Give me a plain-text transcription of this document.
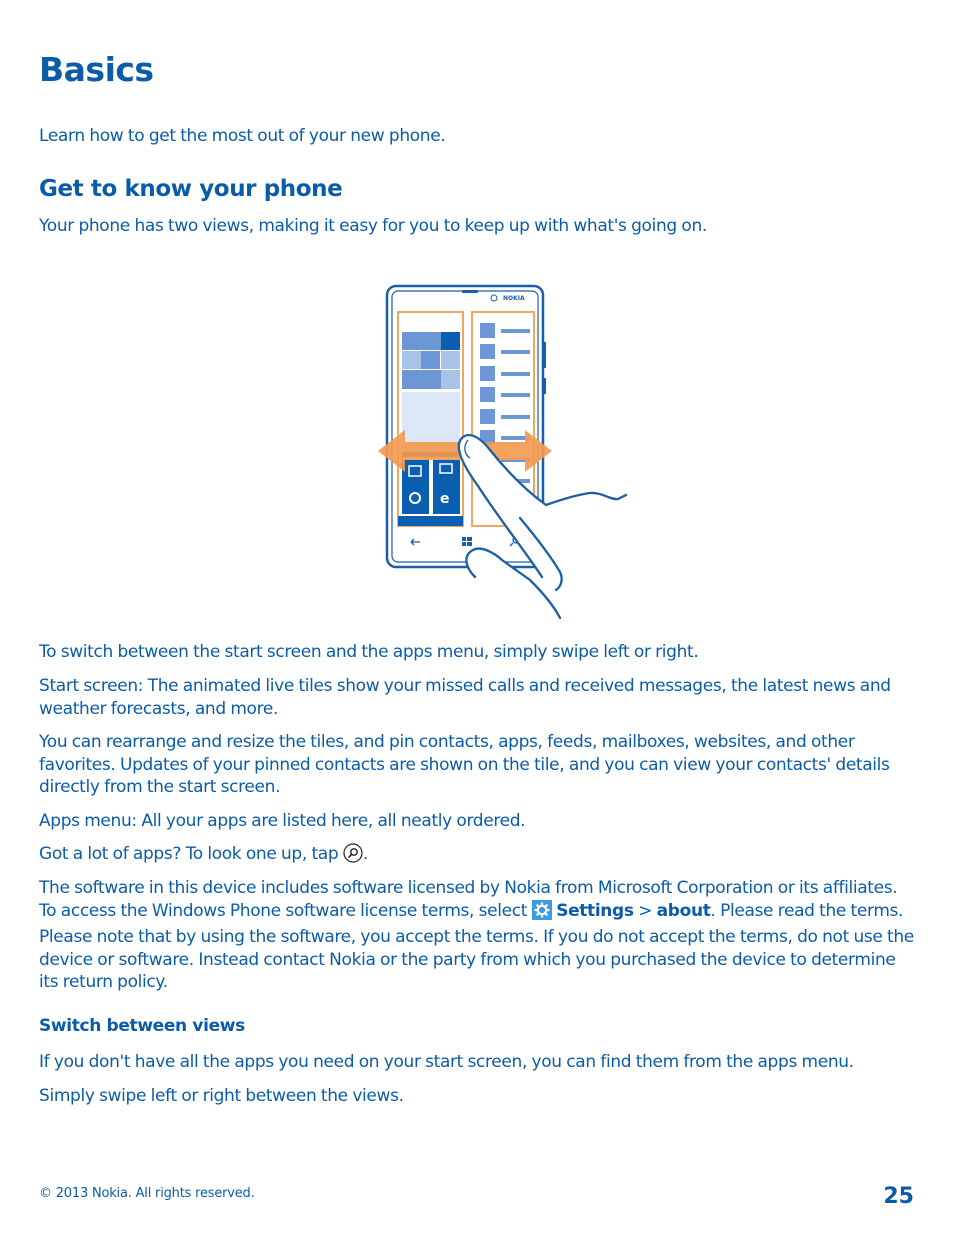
Basics

Learn how to get the most out of your new phone.

Get to know your phone

Your phone has two views, making it easy for you to keep up with what's going on.

NOKIA
e

To switch between the start screen and the apps menu, simply swipe left or right.

Start screen: The animated live tiles show your missed calls and received messages, the latest news and weather forecasts, and more.

You can rearrange and resize the tiles, and pin contacts, apps, feeds, mailboxes, websites, and other favorites. Updates of your pinned contacts are shown on the tile, and you can view your contacts' details directly from the start screen.

Apps menu: All your apps are listed here, all neatly ordered.

Got a lot of apps? To look one up, tap .

The software in this device includes software licensed by Nokia from Microsoft Corporation or its affiliates. To access the Windows Phone software license terms, select Settings > about. Please read the terms. Please note that by using the software, you accept the terms. If you do not accept the terms, do not use the device or software. Instead contact Nokia or the party from which you purchased the device to determine its return policy.

Switch between views

If you don't have all the apps you need on your start screen, you can find them from the apps menu.

Simply swipe left or right between the views.

© 2013 Nokia. All rights reserved.	25
